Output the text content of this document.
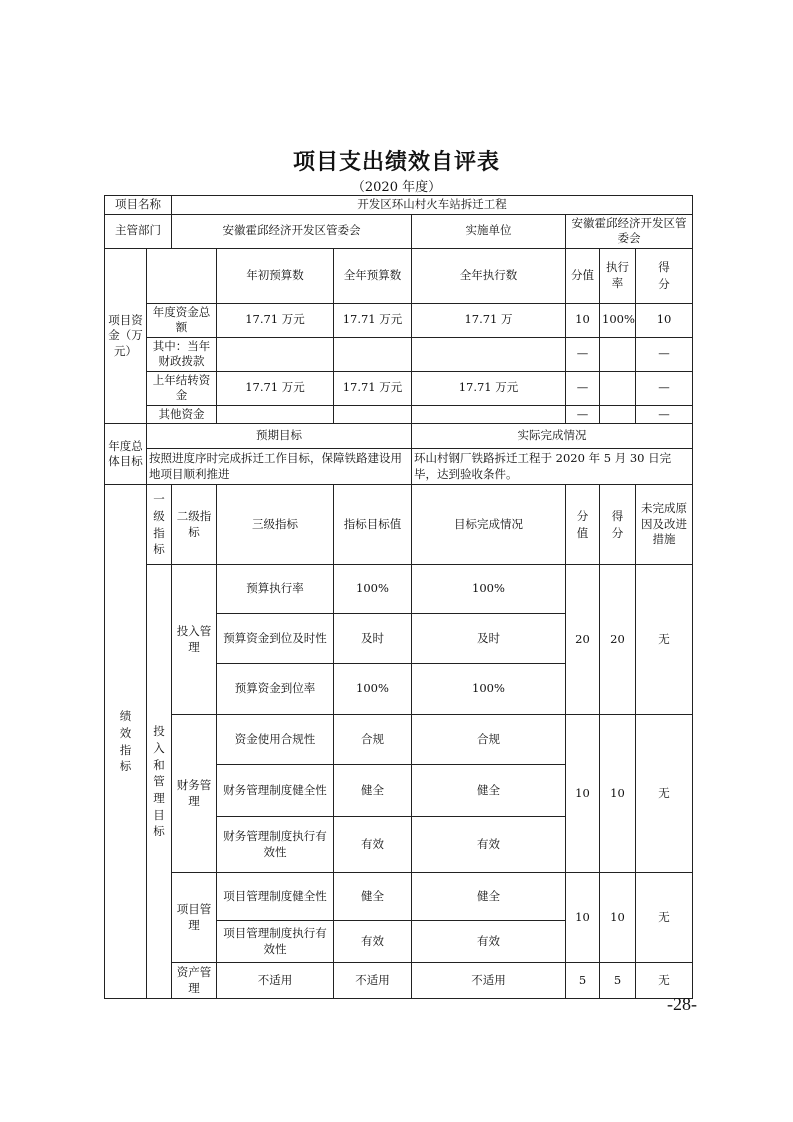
项目支出绩效自评表
（2020 年度）
项目名称		开发区环山村火车站拆迁工程						
主管部门		安徽霍邱经济开发区管委会			实施单位	安徽霍邱经济开发区管委会		
项目资金（万元）			年初预算数	全年预算数	全年执行数	分值	执行率	得分
	年度资金总额		17.71 万元	17.71 万元	17.71 万	10	100%	10
	其中：当年财政拨款					—		—
	上年结转资金		17.71 万元	17.71 万元	17.71 万元	—		—
	其他资金					—		—
年度总体目标	预期目标				实际完成情况			
	按照进度序时完成拆迁工作目标，保障铁路建设用地项目顺利推进				环山村钢厂铁路拆迁工程于 2020 年 5 月 30 日完毕，达到验收条件。			
绩效指标	一级指标	二级指标	三级指标	指标目标值	目标完成情况	分值	得分	未完成原因及改进措施
	投入和管理目标	投入管理	预算执行率	100%	100%	20	20	无
			预算资金到位及时性	及时	及时			
			预算资金到位率	100%	100%			
		财务管理	资金使用合规性	合规	合规	10	10	无
			财务管理制度健全性	健全	健全			
			财务管理制度执行有效性	有效	有效			
		项目管理	项目管理制度健全性	健全	健全	10	10	无
			项目管理制度执行有效性	有效	有效			
		资产管理	不适用	不适用	不适用	5	5	无
-28-
